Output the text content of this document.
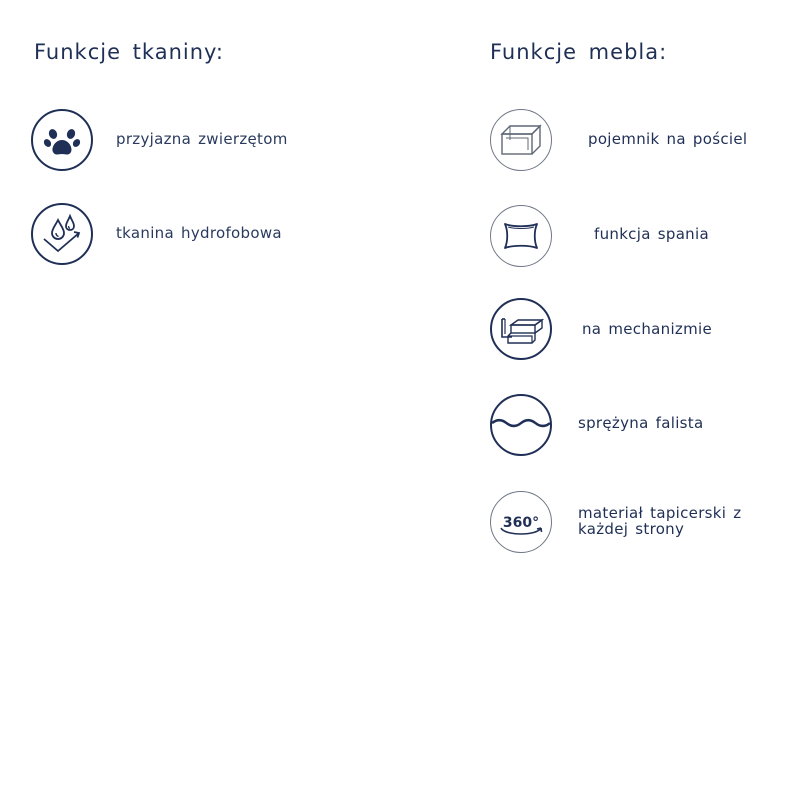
Funkcje tkaniny:	Funkcje mebla:
przyjazna zwierzętom
tkanina hydrofobowa
pojemnik na pościel
funkcja spania
na mechanizmie
sprężyna falista
360°
materiał tapicerski z każdej strony
